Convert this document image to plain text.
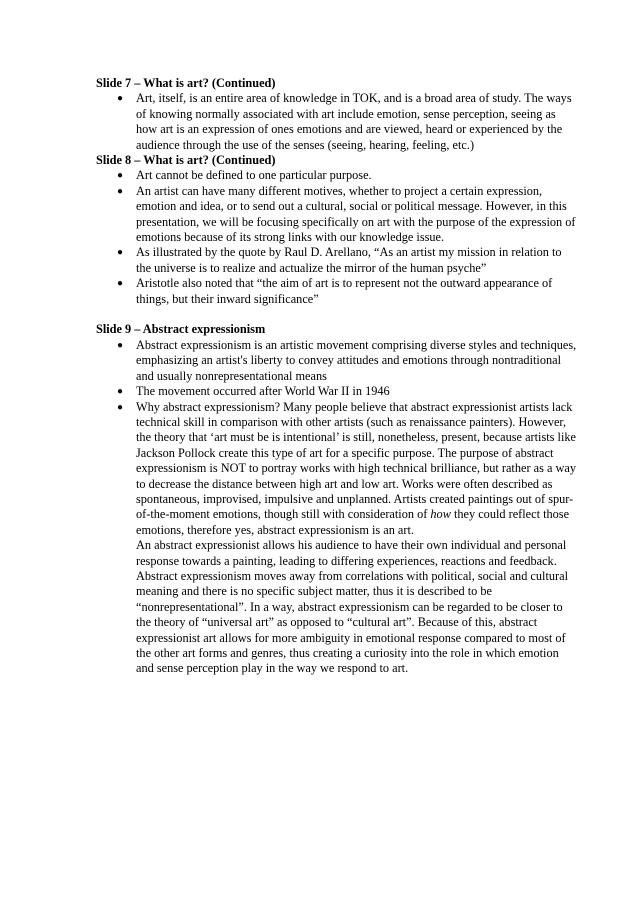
Slide 7 – What is art? (Continued)

● Art, itself, is an entire area of knowledge in TOK, and is a broad area of study. The ways of knowing normally associated with art include emotion, sense perception, seeing as how art is an expression of ones emotions and are viewed, heard or experienced by the audience through the use of the senses (seeing, hearing, feeling, etc.)

Slide 8 – What is art? (Continued)

● Art cannot be defined to one particular purpose.
● An artist can have many different motives, whether to project a certain expression, emotion and idea, or to send out a cultural, social or political message. However, in this presentation, we will be focusing specifically on art with the purpose of the expression of emotions because of its strong links with our knowledge issue.
● As illustrated by the quote by Raul D. Arellano, “As an artist my mission in relation to the universe is to realize and actualize the mirror of the human psyche”
● Aristotle also noted that “the aim of art is to represent not the outward appearance of things, but their inward significance”

Slide 9 – Abstract expressionism

● Abstract expressionism is an artistic movement comprising diverse styles and techniques, emphasizing an artist's liberty to convey attitudes and emotions through nontraditional and usually nonrepresentational means
● The movement occurred after World War II in 1946
● Why abstract expressionism? Many people believe that abstract expressionist artists lack technical skill in comparison with other artists (such as renaissance painters). However, the theory that ‘art must be is intentional’ is still, nonetheless, present, because artists like Jackson Pollock create this type of art for a specific purpose. The purpose of abstract expressionism is NOT to portray works with high technical brilliance, but rather as a way to decrease the distance between high art and low art. Works were often described as spontaneous, improvised, impulsive and unplanned. Artists created paintings out of spur-of-the-moment emotions, though still with consideration of how they could reflect those emotions, therefore yes, abstract expressionism is an art.

An abstract expressionist allows his audience to have their own individual and personal response towards a painting, leading to differing experiences, reactions and feedback. Abstract expressionism moves away from correlations with political, social and cultural meaning and there is no specific subject matter, thus it is described to be “nonrepresentational”. In a way, abstract expressionism can be regarded to be closer to the theory of “universal art” as opposed to “cultural art”. Because of this, abstract expressionist art allows for more ambiguity in emotional response compared to most of the other art forms and genres, thus creating a curiosity into the role in which emotion and sense perception play in the way we respond to art.
